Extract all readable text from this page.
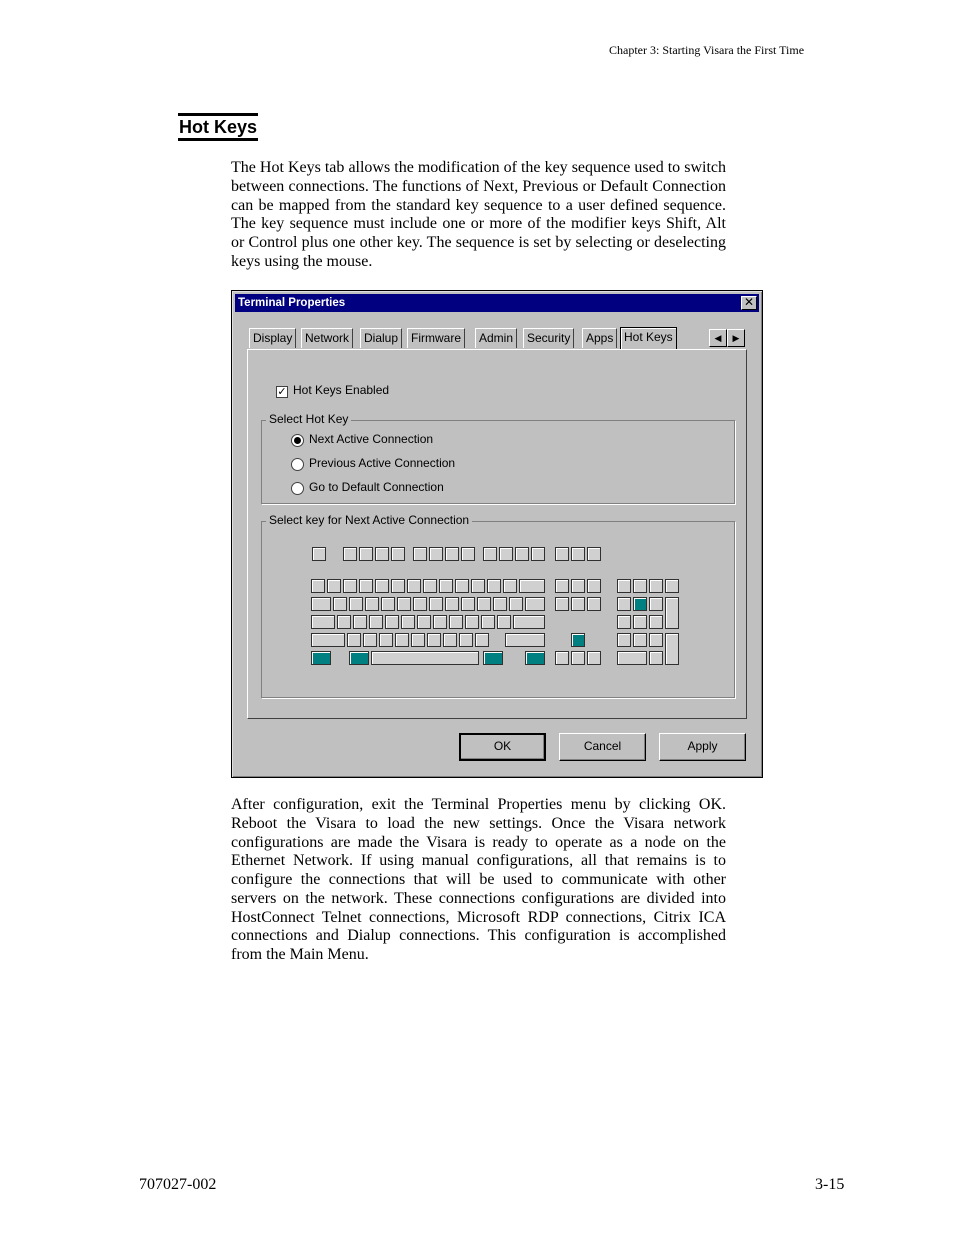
Chapter 3: Starting Visara the First Time
Hot Keys

The Hot Keys tab allows the modification of the key sequence used to switch between connections. The functions of Next, Previous or Default Connection can be mapped from the standard key sequence to a user defined sequence. The key sequence must include one or more of the modifier keys Shift, Alt or Control plus one other key. The sequence is set by selecting or deselecting keys using the mouse.

Terminal Properties	✕
Display	Network	Dialup	Firmware	Admin	Security	Apps Hot Keys	◀	▶
✓ Hot Keys Enabled
Select Hot Key
Next Active Connection
Previous Active Connection
Go to Default Connection
Select key for Next Active Connection
OK	Cancel	Apply

After configuration, exit the Terminal Properties menu by clicking OK. Reboot the Visara to load the new settings. Once the Visara network configurations are made the Visara is ready to operate as a node on the Ethernet Network. If using manual configurations, all that remains is to configure the connections that will be used to communicate with other servers on the network. These connections configurations are divided into HostConnect Telnet connections, Microsoft RDP connections, Citrix ICA connections and Dialup connections. This configuration is accomplished from the Main Menu.

707027-002	3-15
